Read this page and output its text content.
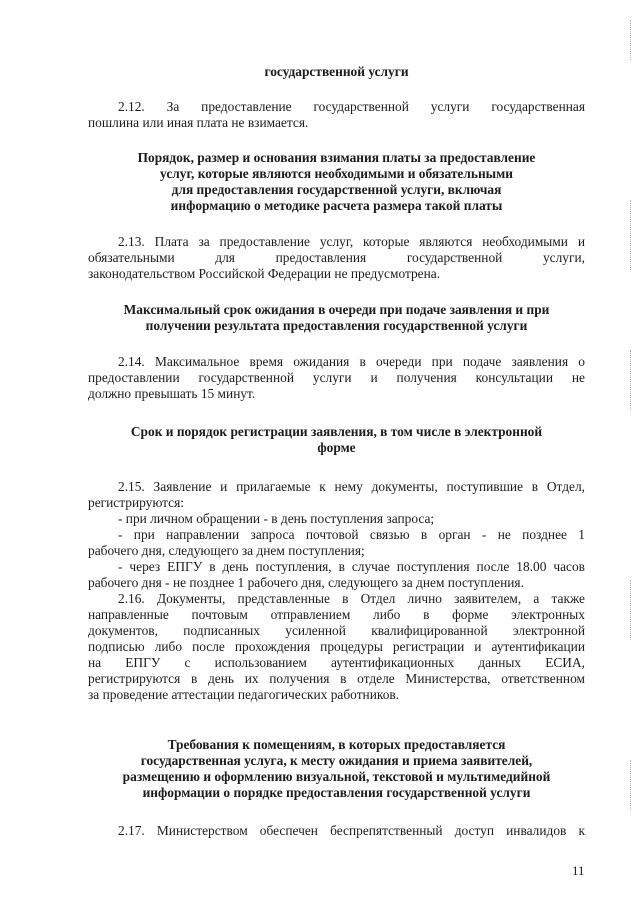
государственной услуги
2.12. За предоставление государственной услуги государственная
пошлина или иная плата не взимается.
Порядок, размер и основания взимания платы за предоставление
услуг, которые являются необходимыми и обязательными
для предоставления государственной услуги, включая
информацию о методике расчета размера такой платы
2.13. Плата за предоставление услуг, которые являются необходимыми и
обязательными для предоставления государственной услуги,
законодательством Российской Федерации не предусмотрена.
Максимальный срок ожидания в очереди при подаче заявления и при
получении результата предоставления государственной услуги
2.14. Максимальное время ожидания в очереди при подаче заявления о
предоставлении государственной услуги и получения консультации не
должно превышать 15 минут.
Срок и порядок регистрации заявления, в том числе в электронной
форме
2.15. Заявление и прилагаемые к нему документы, поступившие в Отдел,
регистрируются:
- при личном обращении - в день поступления запроса;
- при направлении запроса почтовой связью в орган - не позднее 1
рабочего дня, следующего за днем поступления;
- через ЕПГУ в день поступления, в случае поступления после 18.00 часов
рабочего дня - не позднее 1 рабочего дня, следующего за днем поступления.
2.16. Документы, представленные в Отдел лично заявителем, а также
направленные почтовым отправлением либо в форме электронных
документов, подписанных усиленной квалифицированной электронной
подписью либо после прохождения процедуры регистрации и аутентификации
на ЕПГУ с использованием аутентификационных данных ЕСИА,
регистрируются в день их получения в отделе Министерства, ответственном
за проведение аттестации педагогических работников.
Требования к помещениям, в которых предоставляется
государственная услуга, к месту ожидания и приема заявителей,
размещению и оформлению визуальной, текстовой и мультимедийной
информации о порядке предоставления государственной услуги
2.17. Министерством обеспечен беспрепятственный доступ инвалидов к
11
